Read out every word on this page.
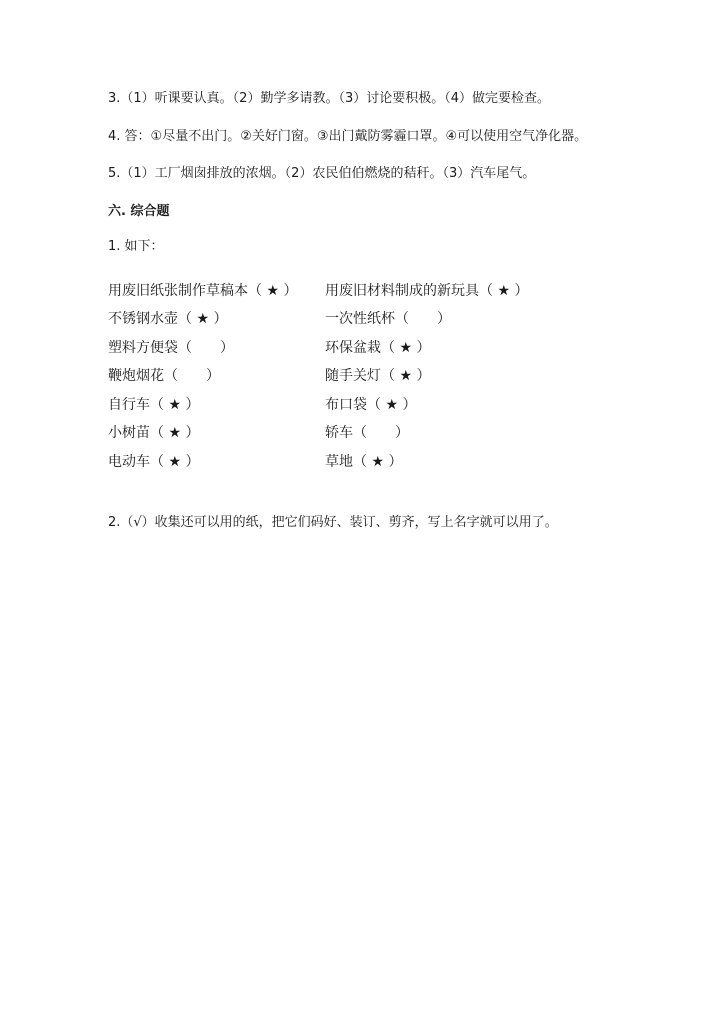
3.（1）听课要认真。（2）勤学多请教。（3）讨论要积极。（4）做完要检查。

4. 答：①尽量不出门。②关好门窗。③出门戴防雾霾口罩。④可以使用空气净化器。

5.（1）工厂烟囱排放的浓烟。（2）农民伯伯燃烧的秸秆。（3）汽车尾气。

六. 综合题

1. 如下：

用废旧纸张制作草稿本（ ★ ） 用废旧材料制成的新玩具（ ★ ）
不锈钢水壶（ ★ ）	一次性纸杯（　　）
塑料方便袋（　　）	环保盆栽（ ★ ）
鞭炮烟花（　　）	随手关灯（ ★ ）
自行车（ ★ ）	布口袋（ ★ ）
小树苗（ ★ ）	轿车（　　）
电动车（ ★ ）	草地（ ★ ）

2.（√）收集还可以用的纸，把它们码好、装订、剪齐，写上名字就可以用了。
